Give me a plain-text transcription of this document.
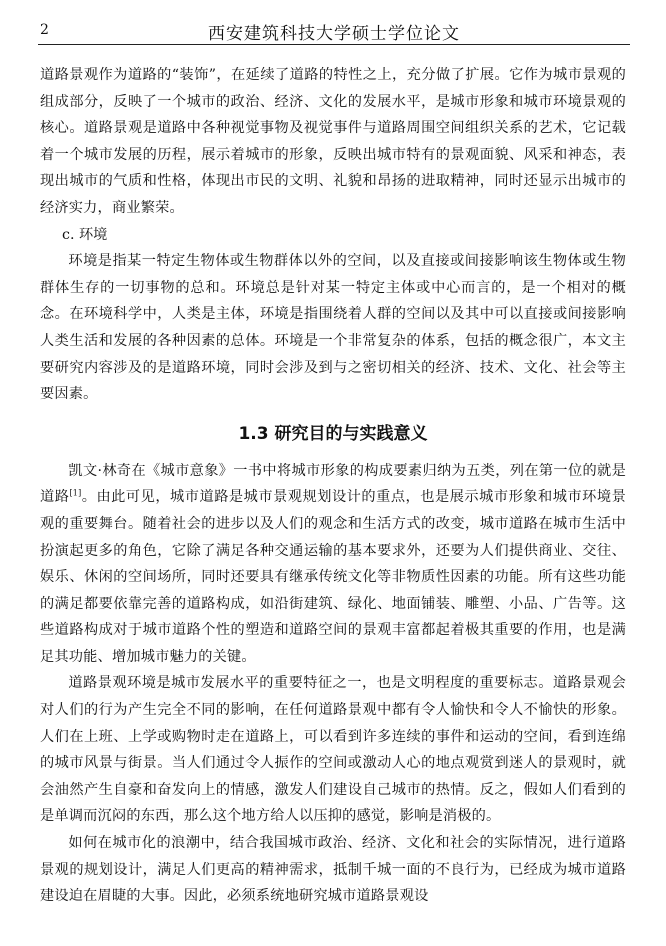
2	西安建筑科技大学硕士学位论文

道路景观作为道路的“装饰”，在延续了道路的特性之上，充分做了扩展。它作为城市景观的组成部分，反映了一个城市的政治、经济、文化的发展水平，是城市形象和城市环境景观的核心。道路景观是道路中各种视觉事物及视觉事件与道路周围空间组织关系的艺术，它记载着一个城市发展的历程，展示着城市的形象，反映出城市特有的景观面貌、风采和神态，表现出城市的气质和性格，体现出市民的文明、礼貌和昂扬的进取精神，同时还显示出城市的经济实力，商业繁荣。

c. 环境

环境是指某一特定生物体或生物群体以外的空间，以及直接或间接影响该生物体或生物群体生存的一切事物的总和。环境总是针对某一特定主体或中心而言的，是一个相对的概念。在环境科学中，人类是主体，环境是指围绕着人群的空间以及其中可以直接或间接影响人类生活和发展的各种因素的总体。环境是一个非常复杂的体系，包括的概念很广，本文主要研究内容涉及的是道路环境，同时会涉及到与之密切相关的经济、技术、文化、社会等主要因素。

1.3 研究目的与实践意义

凯文·林奇在《城市意象》一书中将城市形象的构成要素归纳为五类，列在第一位的就是道路[1]。由此可见，城市道路是城市景观规划设计的重点，也是展示城市形象和城市环境景观的重要舞台。随着社会的进步以及人们的观念和生活方式的改变，城市道路在城市生活中扮演起更多的角色，它除了满足各种交通运输的基本要求外，还要为人们提供商业、交往、娱乐、休闲的空间场所，同时还要具有继承传统文化等非物质性因素的功能。所有这些功能的满足都要依靠完善的道路构成，如沿街建筑、绿化、地面铺装、雕塑、小品、广告等。这些道路构成对于城市道路个性的塑造和道路空间的景观丰富都起着极其重要的作用，也是满足其功能、增加城市魅力的关键。

道路景观环境是城市发展水平的重要特征之一，也是文明程度的重要标志。道路景观会对人们的行为产生完全不同的影响，在任何道路景观中都有令人愉快和令人不愉快的形象。人们在上班、上学或购物时走在道路上，可以看到许多连续的事件和运动的空间，看到连绵的城市风景与街景。当人们通过令人振作的空间或激动人心的地点观赏到迷人的景观时，就会油然产生自豪和奋发向上的情感，激发人们建设自己城市的热情。反之，假如人们看到的是单调而沉闷的东西，那么这个地方给人以压抑的感觉，影响是消极的。

如何在城市化的浪潮中，结合我国城市政治、经济、文化和社会的实际情况，进行道路景观的规划设计，满足人们更高的精神需求，抵制千城一面的不良行为，已经成为城市道路建设迫在眉睫的大事。因此，必须系统地研究城市道路景观设
